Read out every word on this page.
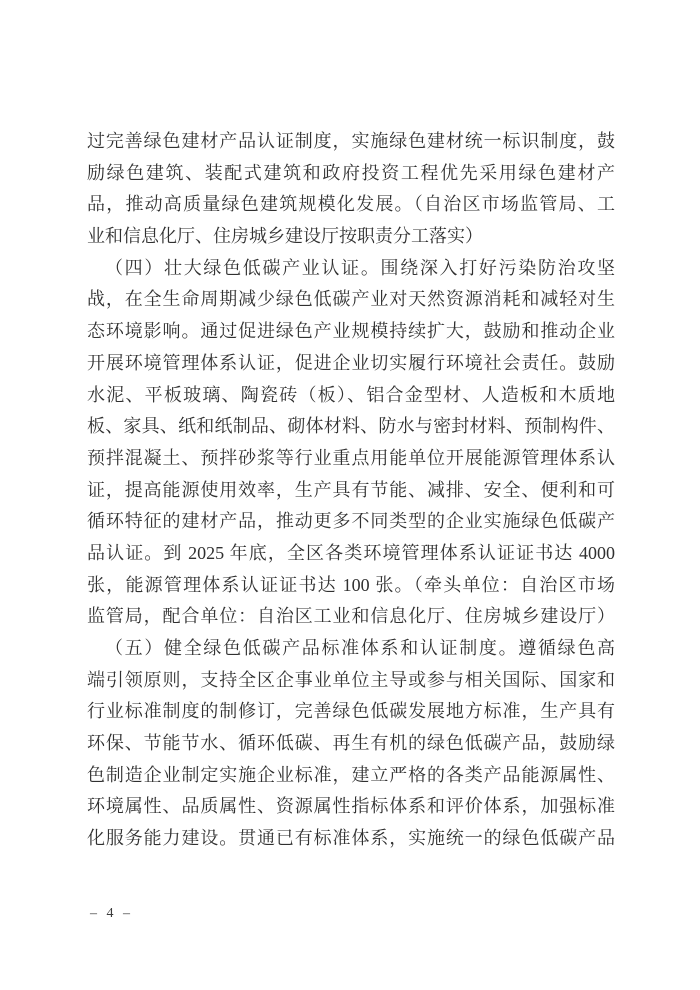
过完善绿色建材产品认证制度，实施绿色建材统一标识制度，鼓
励绿色建筑、装配式建筑和政府投资工程优先采用绿色建材产
品，推动高质量绿色建筑规模化发展。（自治区市场监管局、工
业和信息化厅、住房城乡建设厅按职责分工落实）
（四）壮大绿色低碳产业认证。围绕深入打好污染防治攻坚
战，在全生命周期减少绿色低碳产业对天然资源消耗和减轻对生
态环境影响。通过促进绿色产业规模持续扩大，鼓励和推动企业
开展环境管理体系认证，促进企业切实履行环境社会责任。鼓励
水泥、平板玻璃、陶瓷砖（板）、铝合金型材、人造板和木质地
板、家具、纸和纸制品、砌体材料、防水与密封材料、预制构件、
预拌混凝土、预拌砂浆等行业重点用能单位开展能源管理体系认
证，提高能源使用效率，生产具有节能、减排、安全、便利和可
循环特征的建材产品，推动更多不同类型的企业实施绿色低碳产
品认证。到 2025 年底，全区各类环境管理体系认证证书达 4000
张，能源管理体系认证证书达 100 张。（牵头单位：自治区市场
监管局，配合单位：自治区工业和信息化厅、住房城乡建设厅）
（五）健全绿色低碳产品标准体系和认证制度。遵循绿色高
端引领原则，支持全区企事业单位主导或参与相关国际、国家和
行业标准制度的制修订，完善绿色低碳发展地方标准，生产具有
环保、节能节水、循环低碳、再生有机的绿色低碳产品，鼓励绿
色制造企业制定实施企业标准，建立严格的各类产品能源属性、
环境属性、品质属性、资源属性指标体系和评价体系，加强标准
化服务能力建设。贯通已有标准体系，实施统一的绿色低碳产品
– 4 –
